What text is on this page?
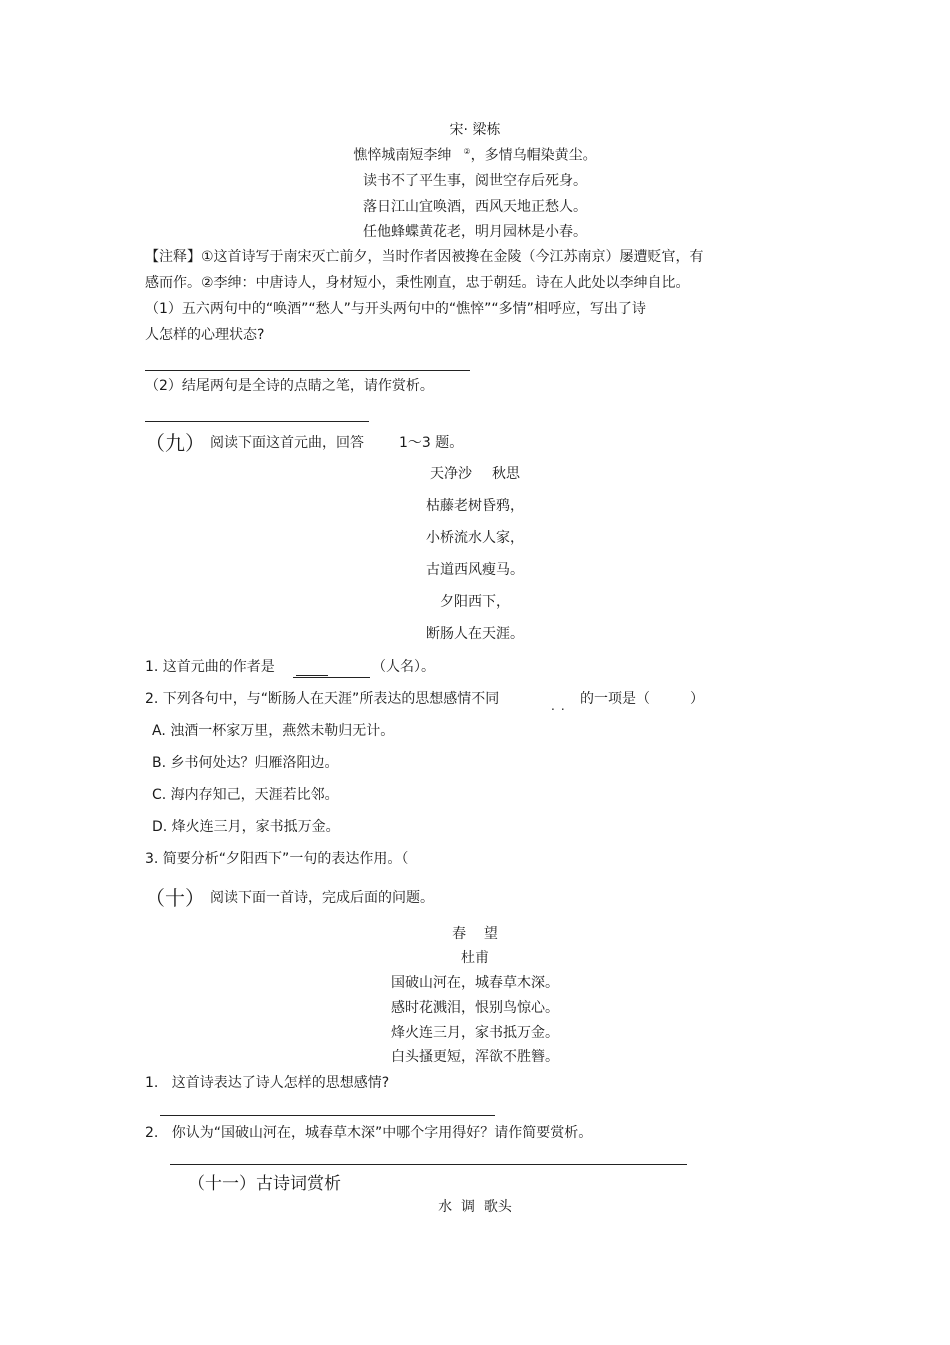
宋· 梁栋
憔悴城南短李绅 ②，多情乌帽染黄尘。
读书不了平生事，阅世空存后死身。
落日江山宜唤酒，西风天地正愁人。
任他蜂蝶黄花老，明月园林是小春。
【注释】①这首诗写于南宋灭亡前夕，当时作者因被搀在金陵（今江苏南京）屡遭贬官，有
感而作。②李绅：中唐诗人，身材短小，秉性刚直，忠于朝廷。诗在人此处以李绅自比。
（1）五六两句中的“唤酒”“愁人”与开头两句中的“憔悴”“多情”相呼应，写出了诗
人怎样的心理状态?
（2）结尾两句是全诗的点睛之笔，请作赏析。
（九） 阅读下面这首元曲，回答	1～3 题。
天净沙 秋思
枯藤老树昏鸦，
小桥流水人家，
古道西风瘦马。
夕阳西下，
断肠人在天涯。
1. 这首元曲的作者是	（人名）。
2. 下列各句中，与“断肠人在天涯”所表达的思想感情不同	.. 的一项是（	）
A. 浊酒一杯家万里，燕然未勒归无计。
B. 乡书何处达？归雁洛阳边。
C. 海内存知己，天涯若比邻。
D. 烽火连三月，家书抵万金。
3. 简要分析“夕阳西下”一句的表达作用。（
（十） 阅读下面一首诗，完成后面的问题。
春    望
杜甫
国破山河在，城春草木深。
感时花溅泪，恨别鸟惊心。
烽火连三月，家书抵万金。
白头搔更短，浑欲不胜簪。
1.   这首诗表达了诗人怎样的思想感情?
2.   你认为“国破山河在，城春草木深”中哪个字用得好？请作简要赏析。
（十一）古诗词赏析
水  调  歌头
